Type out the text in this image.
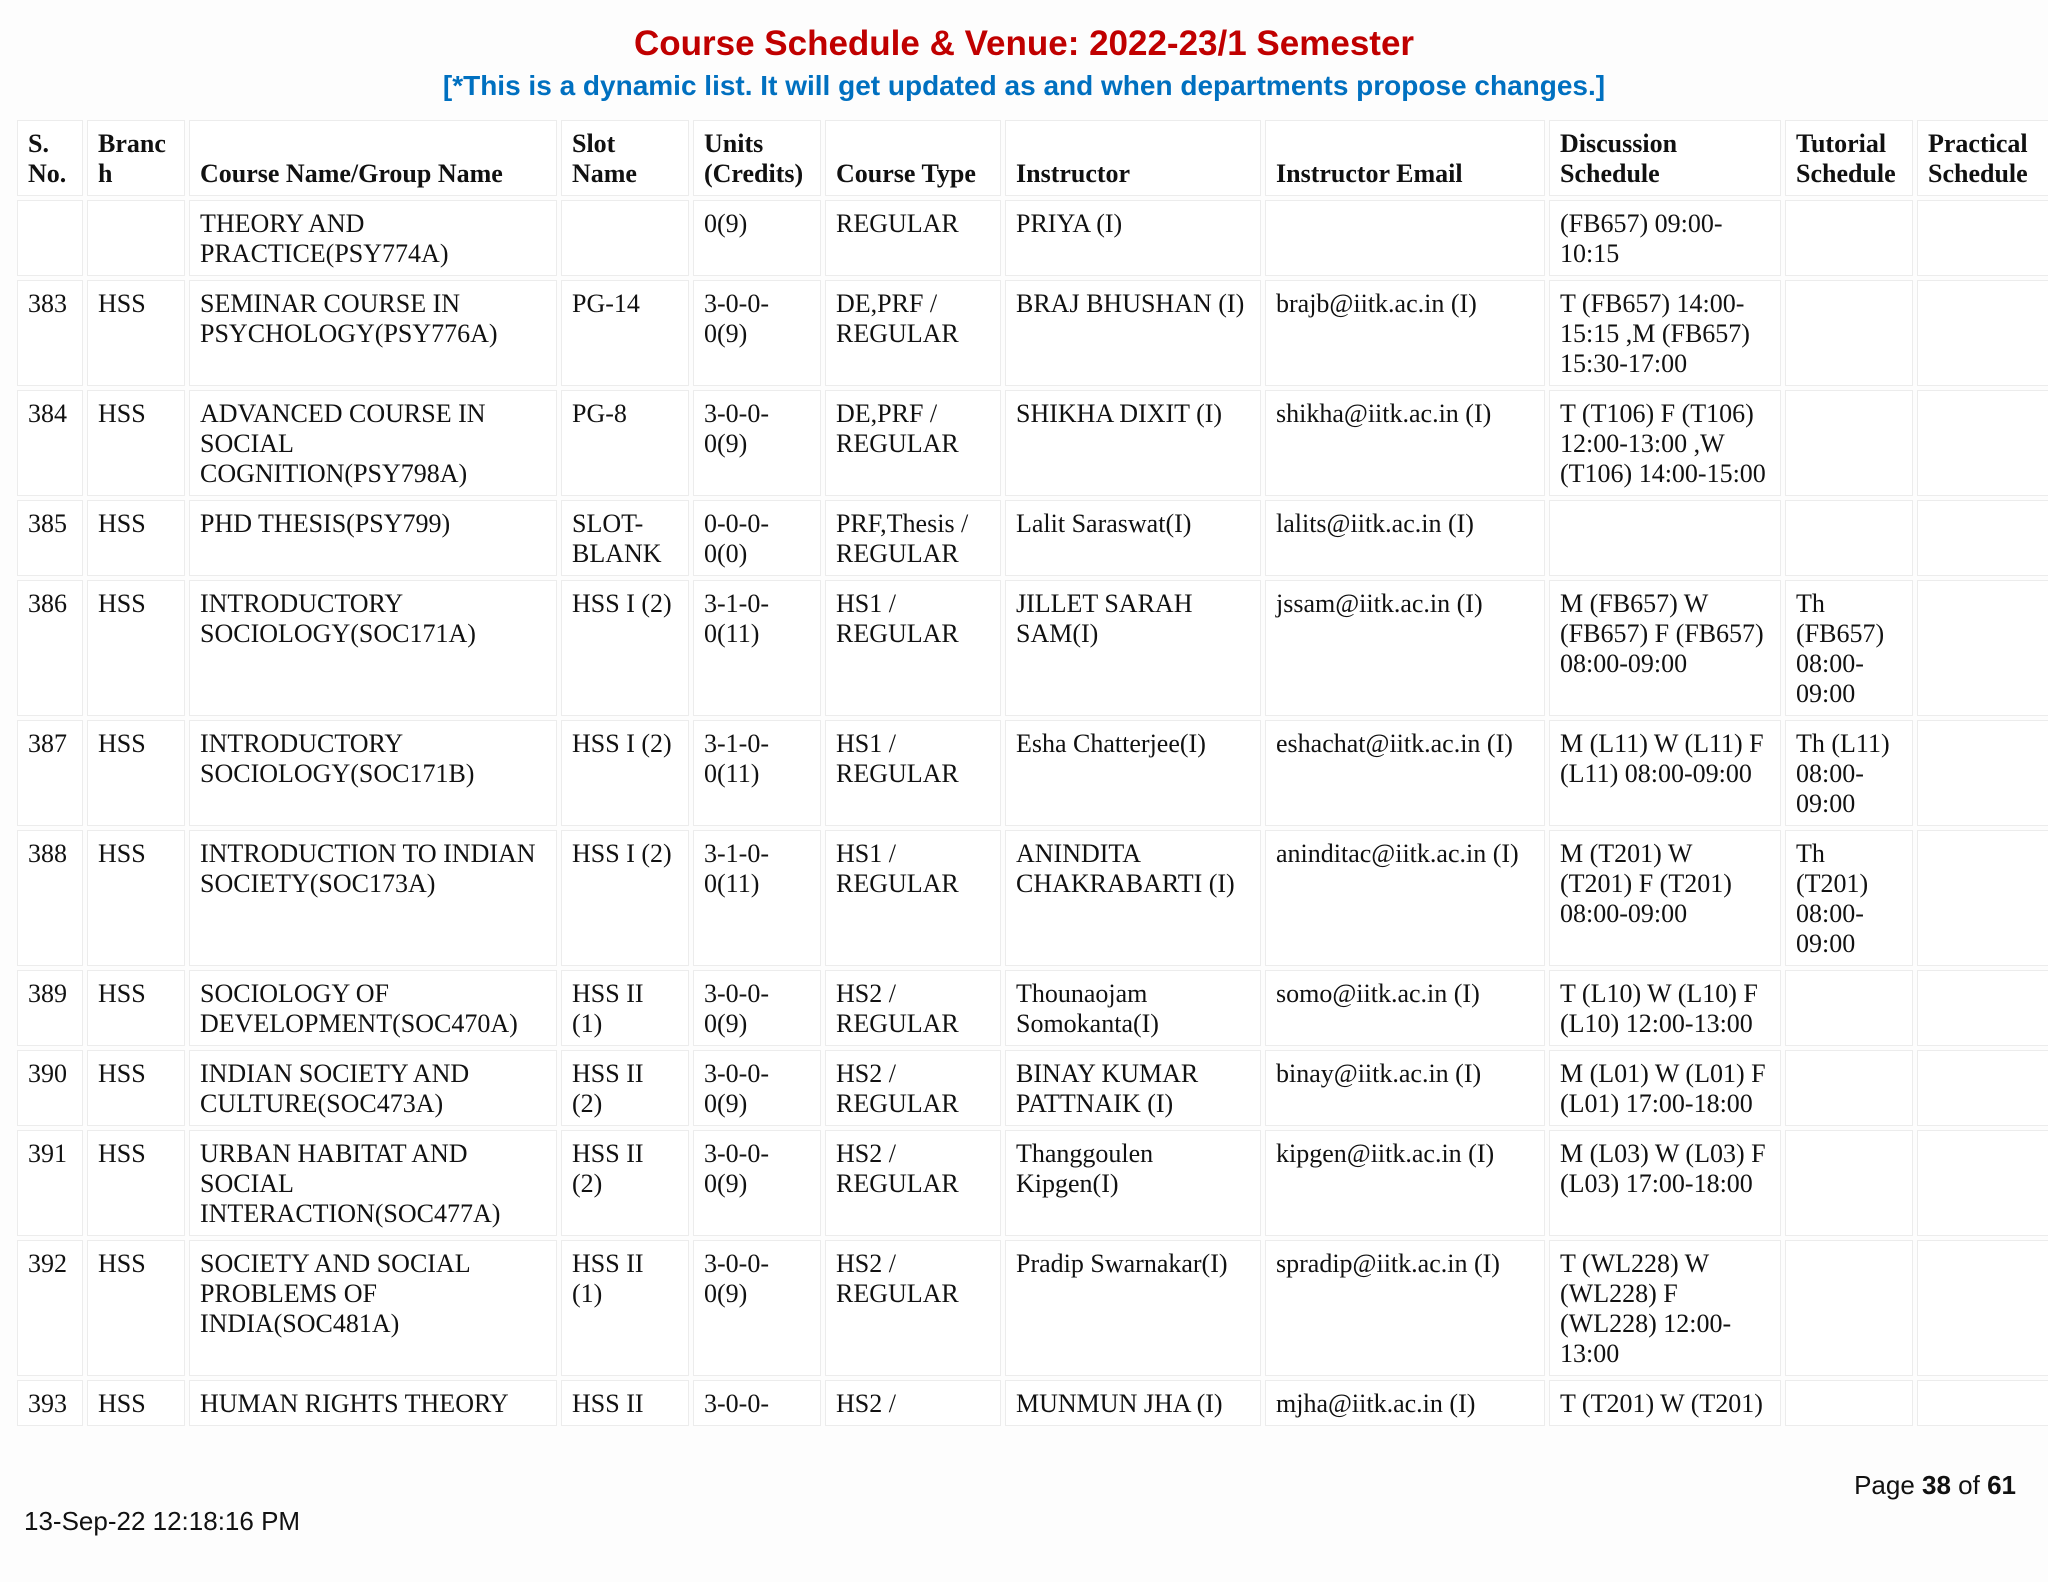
Course Schedule & Venue: 2022-23/1 Semester
[*This is a dynamic list. It will get updated as and when departments propose changes.]
S. No.	Branch	Course Name/Group Name	Slot Name	Units (Credits)	Course Type	Instructor	Instructor Email	Discussion Schedule	Tutorial Schedule	Practical Schedule
		THEORY AND PRACTICE(PSY774A)		0(9)	REGULAR	PRIYA (I)		(FB657) 09:00-10:15		
383	HSS	SEMINAR COURSE IN PSYCHOLOGY(PSY776A)	PG-14	3-0-0-0(9)	DE,PRF / REGULAR	BRAJ BHUSHAN (I)	brajb@iitk.ac.in (I)	T (FB657) 14:00-15:15 ,M (FB657) 15:30-17:00		
384	HSS	ADVANCED COURSE IN SOCIAL COGNITION(PSY798A)	PG-8	3-0-0-0(9)	DE,PRF / REGULAR	SHIKHA DIXIT (I)	shikha@iitk.ac.in (I)	T (T106) F (T106) 12:00-13:00 ,W (T106) 14:00-15:00		
385	HSS	PHD THESIS(PSY799)	SLOT-BLANK	0-0-0-0(0)	PRF,Thesis / REGULAR	Lalit Saraswat(I)	lalits@iitk.ac.in (I)			
386	HSS	INTRODUCTORY SOCIOLOGY(SOC171A)	HSS I (2)	3-1-0-0(11)	HS1 / REGULAR	JILLET SARAH SAM(I)	jssam@iitk.ac.in (I)	M (FB657) W (FB657) F (FB657) 08:00-09:00	Th (FB657) 08:00-09:00	
387	HSS	INTRODUCTORY SOCIOLOGY(SOC171B)	HSS I (2)	3-1-0-0(11)	HS1 / REGULAR	Esha Chatterjee(I)	eshachat@iitk.ac.in (I)	M (L11) W (L11) F (L11) 08:00-09:00	Th (L11) 08:00-09:00	
388	HSS	INTRODUCTION TO INDIAN SOCIETY(SOC173A)	HSS I (2)	3-1-0-0(11)	HS1 / REGULAR	ANINDITA CHAKRABARTI (I)	aninditac@iitk.ac.in (I)	M (T201) W (T201) F (T201) 08:00-09:00	Th (T201) 08:00-09:00	
389	HSS	SOCIOLOGY OF DEVELOPMENT(SOC470A)	HSS II (1)	3-0-0-0(9)	HS2 / REGULAR	Thounaojam Somokanta(I)	somo@iitk.ac.in (I)	T (L10) W (L10) F (L10) 12:00-13:00		
390	HSS	INDIAN SOCIETY AND CULTURE(SOC473A)	HSS II (2)	3-0-0-0(9)	HS2 / REGULAR	BINAY KUMAR PATTNAIK (I)	binay@iitk.ac.in (I)	M (L01) W (L01) F (L01) 17:00-18:00		
391	HSS	URBAN HABITAT AND SOCIAL INTERACTION(SOC477A)	HSS II (2)	3-0-0-0(9)	HS2 / REGULAR	Thanggoulen Kipgen(I)	kipgen@iitk.ac.in (I)	M (L03) W (L03) F (L03) 17:00-18:00		
392	HSS	SOCIETY AND SOCIAL PROBLEMS OF INDIA(SOC481A)	HSS II (1)	3-0-0-0(9)	HS2 / REGULAR	Pradip Swarnakar(I)	spradip@iitk.ac.in (I)	T (WL228) W (WL228) F (WL228) 12:00-13:00		
393	HSS	HUMAN RIGHTS THEORY	HSS II	3-0-0-	HS2 /	MUNMUN JHA (I)	mjha@iitk.ac.in (I)	T (T201) W (T201)		
Page 38 of 61
13-Sep-22 12:18:16 PM
